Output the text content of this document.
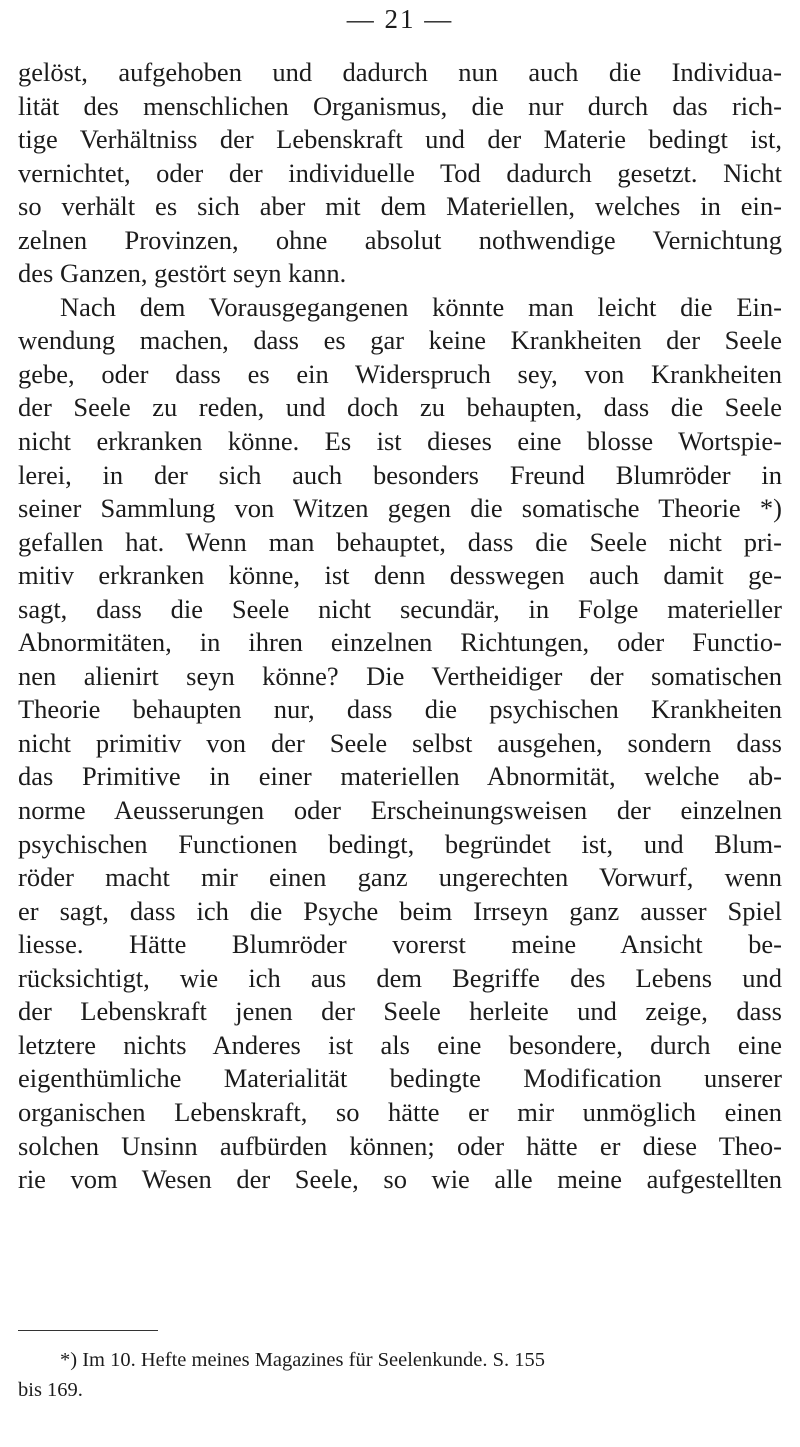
— 21 —
gelöst, aufgehoben und dadurch nun auch die Individua-
lität des menschlichen Organismus, die nur durch das rich-
tige Verhältniss der Lebenskraft und der Materie bedingt ist,
vernichtet, oder der individuelle Tod dadurch gesetzt. Nicht
so verhält es sich aber mit dem Materiellen, welches in ein-
zelnen Provinzen, ohne absolut nothwendige Vernichtung
des Ganzen, gestört seyn kann.
Nach dem Vorausgegangenen könnte man leicht die Ein-
wendung machen, dass es gar keine Krankheiten der Seele
gebe, oder dass es ein Widerspruch sey, von Krankheiten
der Seele zu reden, und doch zu behaupten, dass die Seele
nicht erkranken könne. Es ist dieses eine blosse Wortspie-
lerei, in der sich auch besonders Freund Blumröder in
seiner Sammlung von Witzen gegen die somatische Theorie *)
gefallen hat. Wenn man behauptet, dass die Seele nicht pri-
mitiv erkranken könne, ist denn desswegen auch damit ge-
sagt, dass die Seele nicht secundär, in Folge materieller
Abnormitäten, in ihren einzelnen Richtungen, oder Functio-
nen alienirt seyn könne? Die Vertheidiger der somatischen
Theorie behaupten nur, dass die psychischen Krankheiten
nicht primitiv von der Seele selbst ausgehen, sondern dass
das Primitive in einer materiellen Abnormität, welche ab-
norme Aeusserungen oder Erscheinungsweisen der einzelnen
psychischen Functionen bedingt, begründet ist, und Blum-
röder macht mir einen ganz ungerechten Vorwurf, wenn
er sagt, dass ich die Psyche beim Irrseyn ganz ausser Spiel
liesse. Hätte Blumröder vorerst meine Ansicht be-
rücksichtigt, wie ich aus dem Begriffe des Lebens und
der Lebenskraft jenen der Seele herleite und zeige, dass
letztere nichts Anderes ist als eine besondere, durch eine
eigenthümliche Materialität bedingte Modification unserer
organischen Lebenskraft, so hätte er mir unmöglich einen
solchen Unsinn aufbürden können; oder hätte er diese Theo-
rie vom Wesen der Seele, so wie alle meine aufgestellten
*) Im 10. Hefte meines Magazines für Seelenkunde. S. 155
bis 169.
